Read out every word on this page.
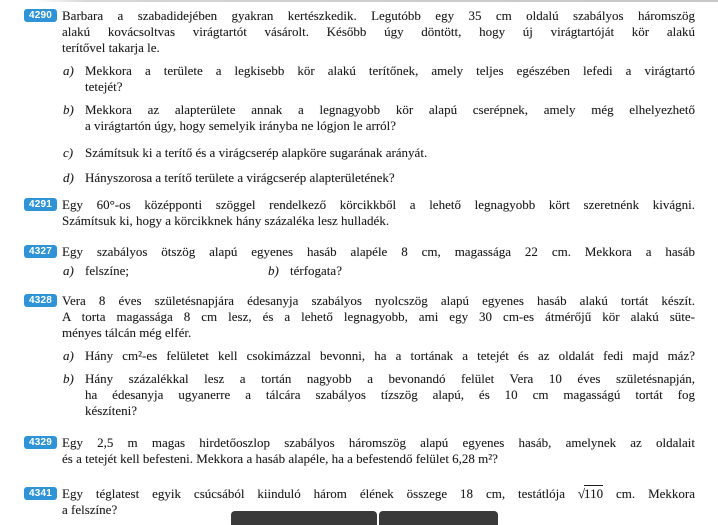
4290 Barbara a szabadidejében gyakran kertészkedik. Legutóbb egy 35 cm oldalú szabályos háromszög
alakú kovácsoltvas virágtartót vásárolt. Később úgy döntött, hogy új virágtartóját kör alakú
terítővel takarja le.
a) Mekkora a területe a legkisebb kör alakú terítőnek, amely teljes egészében lefedi a virágtartó
tetejét?
b) Mekkora az alapterülete annak a legnagyobb kör alapú cserépnek, amely még elhelyezhető
a virágtartón úgy, hogy semelyik irányba ne lógjon le arról?
c) Számítsuk ki a terítő és a virágcserép alapköre sugarának arányát.
d) Hányszorosa a terítő területe a virágcserép alapterületének?
4291 Egy 60°-os középponti szöggel rendelkező körcikkből a lehető legnagyobb kört szeretnénk kivágni.
Számítsuk ki, hogy a körcikknek hány százaléka lesz hulladék.
4327 Egy szabályos ötszög alapú egyenes hasáb alapéle 8 cm, magassága 22 cm. Mekkora a hasáb
a) felszíne;	b) térfogata?
4328 Vera 8 éves születésnapjára édesanyja szabályos nyolcszög alapú egyenes hasáb alakú tortát készít.
A torta magassága 8 cm lesz, és a lehető legnagyobb, ami egy 30 cm-es átmérőjű kör alakú süte-
ményes tálcán még elfér.
a) Hány cm²-es felületet kell csokimázzal bevonni, ha a tortának a tetejét és az oldalát fedi majd máz?
b) Hány százalékkal lesz a tortán nagyobb a bevonandó felület Vera 10 éves születésnapján,
ha édesanyja ugyanerre a tálcára szabályos tízszög alapú, és 10 cm magasságú tortát fog
készíteni?
4329 Egy 2,5 m magas hirdetőoszlop szabályos háromszög alapú egyenes hasáb, amelynek az oldalait
és a tetejét kell befesteni. Mekkora a hasáb alapéle, ha a befestendő felület 6,28 m²?
4341 Egy téglatest egyik csúcsából kiinduló három élének összege 18 cm, testátlója √110 cm. Mekkora
a felszíne?
